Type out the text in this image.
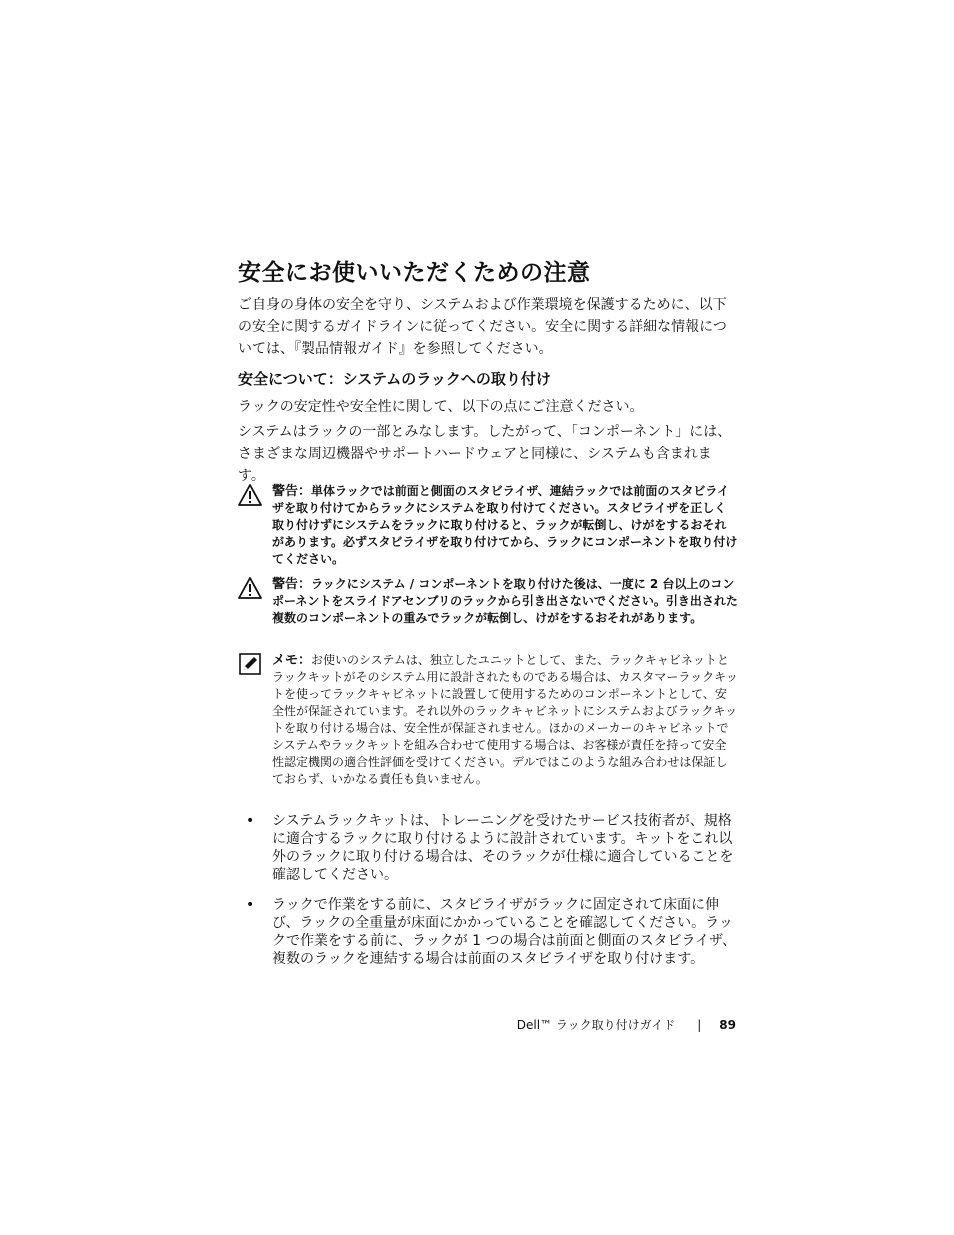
安全にお使いいただくための注意
ご自身の身体の安全を守り、システムおよび作業環境を保護するために、以下の安全に関するガイドラインに従ってください。安全に関する詳細な情報については、『製品情報ガイド』を参照してください。
安全について：システムのラックへの取り付け
ラックの安定性や安全性に関して、以下の点にご注意ください。
システムはラックの一部とみなします。したがって、「コンポーネント」には、さまざまな周辺機器やサポートハードウェアと同様に、システムも含まれます。
警告：単体ラックでは前面と側面のスタビライザ、連結ラックでは前面のスタビライザを取り付けてからラックにシステムを取り付けてください。スタビライザを正しく取り付けずにシステムをラックに取り付けると、ラックが転倒し、けがをするおそれがあります。必ずスタビライザを取り付けてから、ラックにコンポーネントを取り付けてください。
警告：ラックにシステム / コンポーネントを取り付けた後は、一度に 2 台以上のコンポーネントをスライドアセンブリのラックから引き出さないでください。引き出された複数のコンポーネントの重みでラックが転倒し、けがをするおそれがあります。
メモ：お使いのシステムは、独立したユニットとして、また、ラックキャビネットとラックキットがそのシステム用に設計されたものである場合は、カスタマーラックキットを使ってラックキャビネットに設置して使用するためのコンポーネントとして、安全性が保証されています。それ以外のラックキャビネットにシステムおよびラックキットを取り付ける場合は、安全性が保証されません。ほかのメーカーのキャビネットでシステムやラックキットを組み合わせて使用する場合は、お客様が責任を持って安全性認定機関の適合性評価を受けてください。デルではこのような組み合わせは保証しておらず、いかなる責任も負いません。
• システムラックキットは、トレーニングを受けたサービス技術者が、規格に適合するラックに取り付けるように設計されています。キットをこれ以外のラックに取り付ける場合は、そのラックが仕様に適合していることを確認してください。
• ラックで作業をする前に、スタビライザがラックに固定されて床面に伸び、ラックの全重量が床面にかかっていることを確認してください。ラックで作業をする前に、ラックが 1 つの場合は前面と側面のスタビライザ、複数のラックを連結する場合は前面のスタビライザを取り付けます。
Dell™ ラック取り付けガイド | 89
